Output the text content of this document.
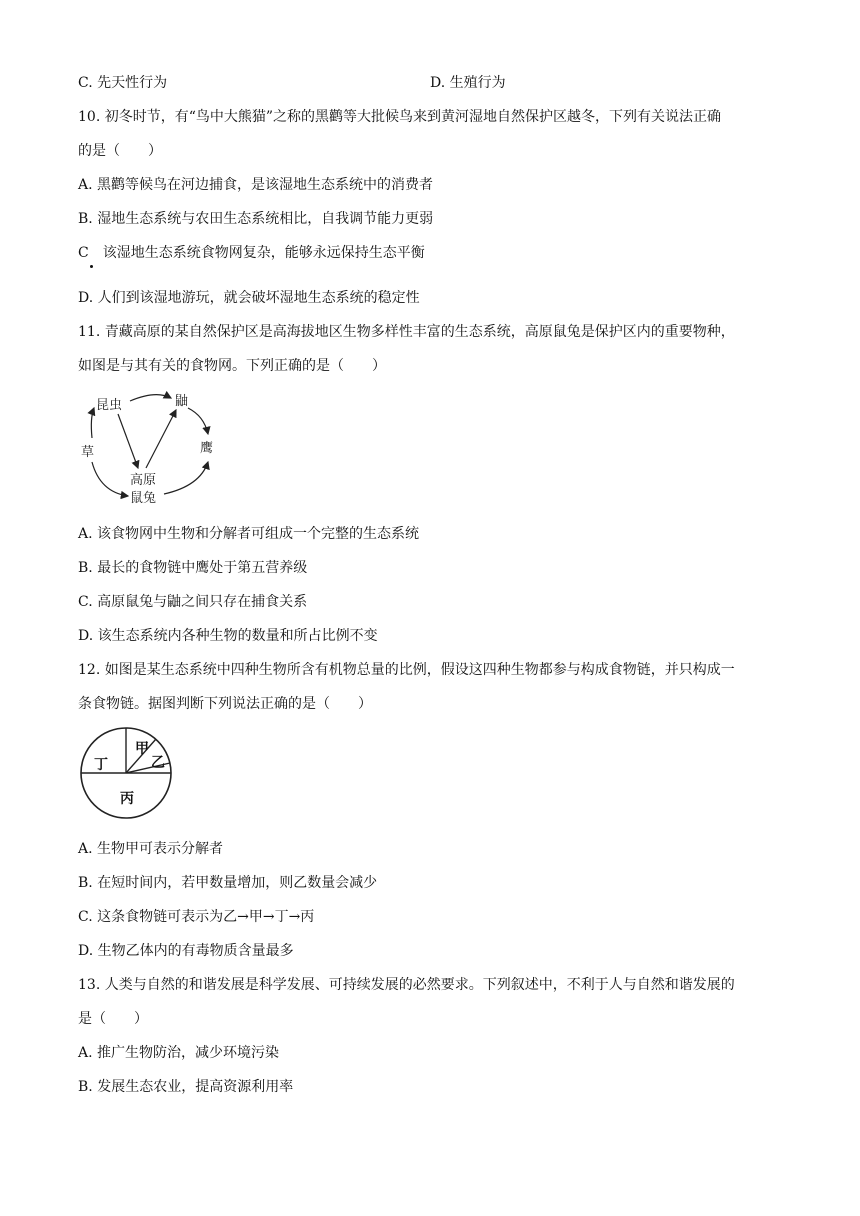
C. 先天性行为	D. 生殖行为
10. 初冬时节，有“鸟中大熊猫”之称的黑鹳等大批候鸟来到黄河湿地自然保护区越冬，下列有关说法正确
的是（　　）
A. 黑鹳等候鸟在河边捕食，是该湿地生态系统中的消费者
B. 湿地生态系统与农田生态系统相比，自我调节能力更弱
C　该湿地生态系统食物网复杂，能够永远保持生态平衡
D. 人们到该湿地游玩，就会破坏湿地生态系统的稳定性
11. 青藏高原的某自然保护区是高海拔地区生物多样性丰富的生态系统，高原鼠兔是保护区内的重要物种，
如图是与其有关的食物网。下列正确的是（　　）
昆虫	鼬
草	鹰
高原
鼠兔
A. 该食物网中生物和分解者可组成一个完整的生态系统
B. 最长的食物链中鹰处于第五营养级
C. 高原鼠兔与鼬之间只存在捕食关系
D. 该生态系统内各种生物的数量和所占比例不变
12. 如图是某生态系统中四种生物所含有机物总量的比例，假设这四种生物都参与构成食物链，并只构成一
条食物链。据图判断下列说法正确的是（　　）
甲
乙
丁
丙
A. 生物甲可表示分解者
B. 在短时间内，若甲数量增加，则乙数量会减少
C. 这条食物链可表示为乙→甲→丁→丙
D. 生物乙体内的有毒物质含量最多
13. 人类与自然的和谐发展是科学发展、可持续发展的必然要求。下列叙述中，不利于人与自然和谐发展的
是（　　）
A. 推广生物防治，减少环境污染
B. 发展生态农业，提高资源利用率
